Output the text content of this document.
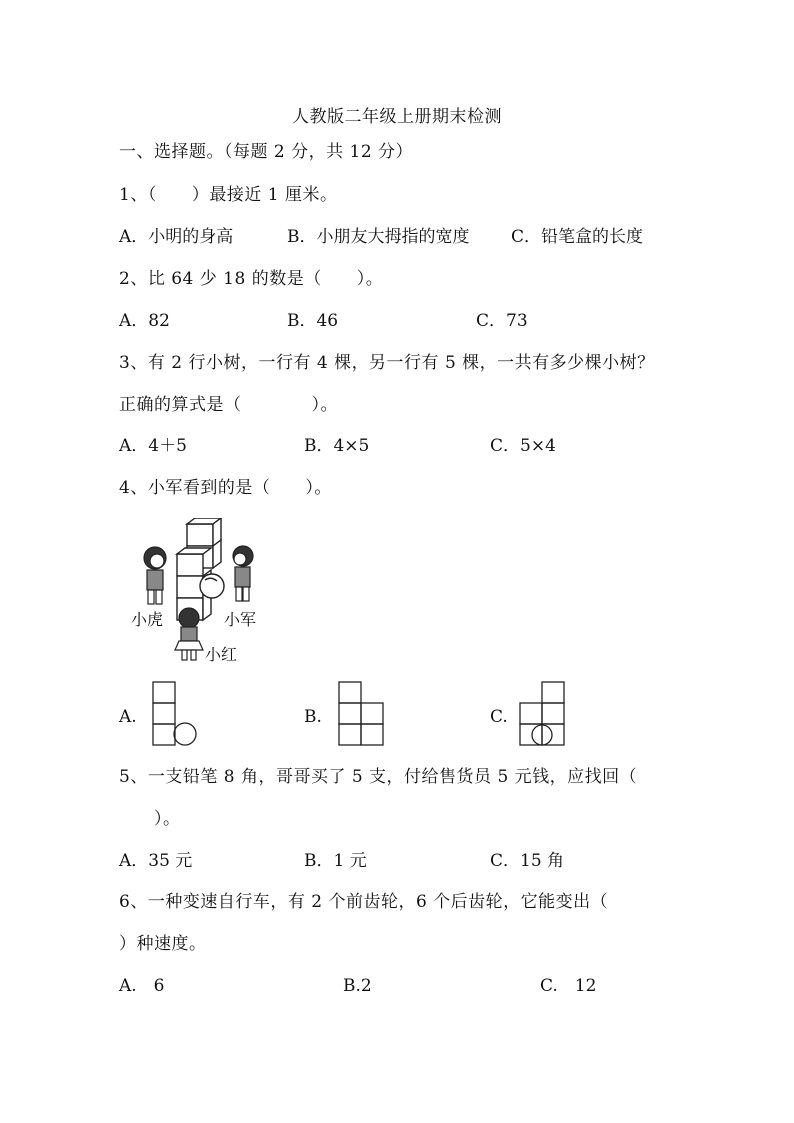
人教版二年级上册期末检测
一、选择题。（每题 2 分，共 12 分）
1、（　　）最接近 1 厘米。
A．小明的身高	B．小朋友大拇指的宽度 C．铅笔盒的长度
2、比 64 少 18 的数是（　　）。
A．82	B．46	C．73
3、有 2 行小树，一行有 4 棵，另一行有 5 棵，一共有多少棵小树？
正确的算式是（　　　　）。
A．4＋5	B．4×5	C．5×4
4、小军看到的是（　　）。
小虎	小军
小红
A.	B.	C.
5、一支铅笔 8 角，哥哥买了 5 支，付给售货员 5 元钱，应找回（
　　）。
A．35 元	B．1 元	C．15 角
6、一种变速自行车，有 2 个前齿轮，6 个后齿轮，它能变出（
）种速度。
A.　6	B.2	C.　12
